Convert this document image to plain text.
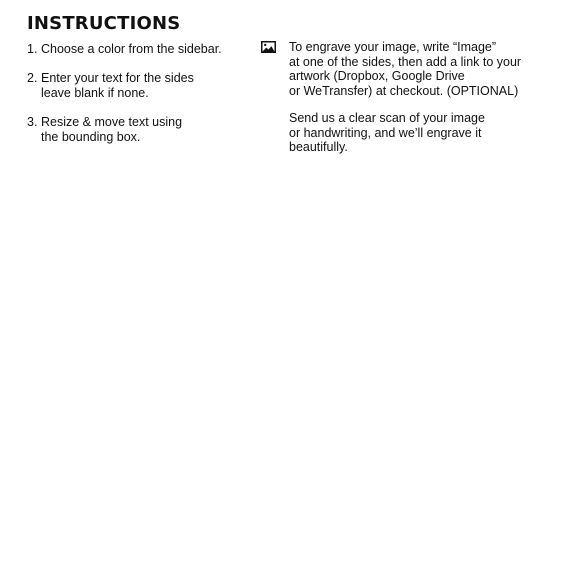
INSTRUCTIONS
1. Choose a color from the sidebar.
2. Enter your text for the sides
leave blank if none.
3. Resize & move text using
the bounding box.
To engrave your image, write “Image”
at one of the sides, then add a link to your
artwork (Dropbox, Google Drive
or WeTransfer) at checkout. (OPTIONAL)
Send us a clear scan of your image
or handwriting, and we’ll engrave it
beautifully.
